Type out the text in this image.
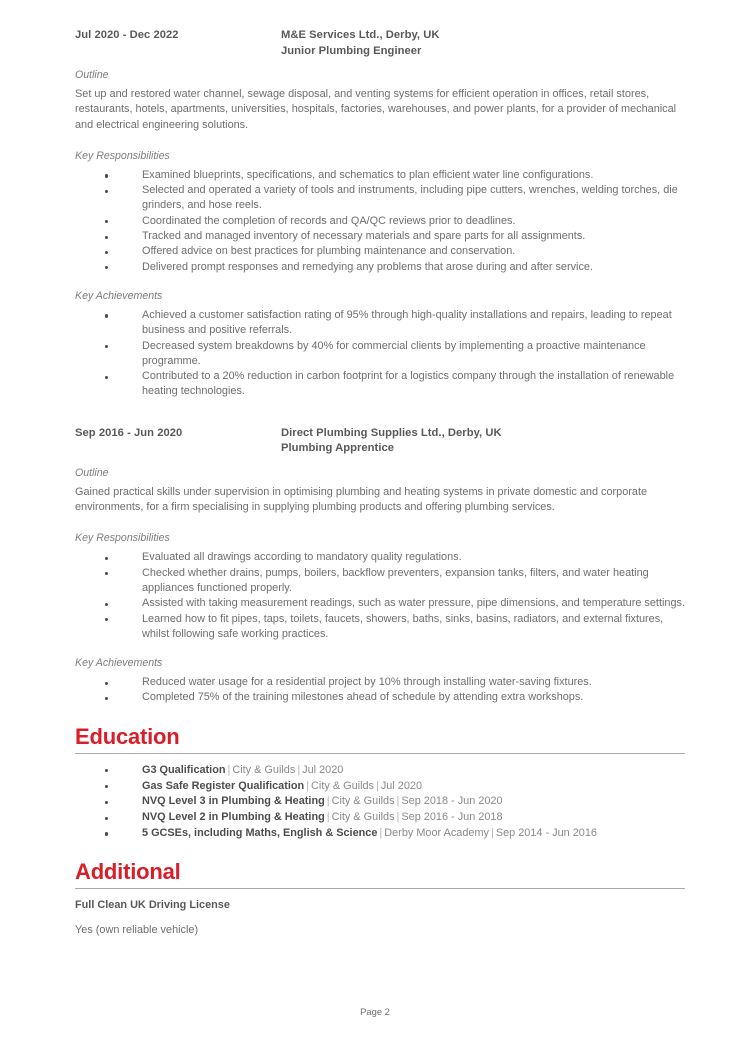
Jul 2020 - Dec 2022	M&E Services Ltd., Derby, UK
Junior Plumbing Engineer
Outline

Set up and restored water channel, sewage disposal, and venting systems for efficient operation in offices, retail stores, restaurants, hotels, apartments, universities, hospitals, factories, warehouses, and power plants, for a provider of mechanical and electrical engineering solutions.

Key Responsibilities
Examined blueprints, specifications, and schematics to plan efficient water line configurations.
Selected and operated a variety of tools and instruments, including pipe cutters, wrenches, welding torches, die grinders, and hose reels.
Coordinated the completion of records and QA/QC reviews prior to deadlines.
Tracked and managed inventory of necessary materials and spare parts for all assignments.
Offered advice on best practices for plumbing maintenance and conservation.
Delivered prompt responses and remedying any problems that arose during and after service.
Key Achievements
Achieved a customer satisfaction rating of 95% through high-quality installations and repairs, leading to repeat business and positive referrals.
Decreased system breakdowns by 40% for commercial clients by implementing a proactive maintenance programme.
Contributed to a 20% reduction in carbon footprint for a logistics company through the installation of renewable heating technologies.
Sep 2016 - Jun 2020	Direct Plumbing Supplies Ltd., Derby, UK
Plumbing Apprentice
Outline

Gained practical skills under supervision in optimising plumbing and heating systems in private domestic and corporate environments, for a firm specialising in supplying plumbing products and offering plumbing services.

Key Responsibilities
Evaluated all drawings according to mandatory quality regulations.
Checked whether drains, pumps, boilers, backflow preventers, expansion tanks, filters, and water heating appliances functioned properly.
Assisted with taking measurement readings, such as water pressure, pipe dimensions, and temperature settings.
Learned how to fit pipes, taps, toilets, faucets, showers, baths, sinks, basins, radiators, and external fixtures, whilst following safe working practices.
Key Achievements
Reduced water usage for a residential project by 10% through installing water-saving fixtures.
Completed 75% of the training milestones ahead of schedule by attending extra workshops.
Education
G3 Qualification | City & Guilds | Jul 2020
Gas Safe Register Qualification | City & Guilds | Jul 2020
NVQ Level 3 in Plumbing & Heating | City & Guilds | Sep 2018 - Jun 2020
NVQ Level 2 in Plumbing & Heating | City & Guilds | Sep 2016 - Jun 2018
5 GCSEs, including Maths, English & Science | Derby Moor Academy | Sep 2014 - Jun 2016
Additional
Full Clean UK Driving License
Yes (own reliable vehicle)
Page 2
